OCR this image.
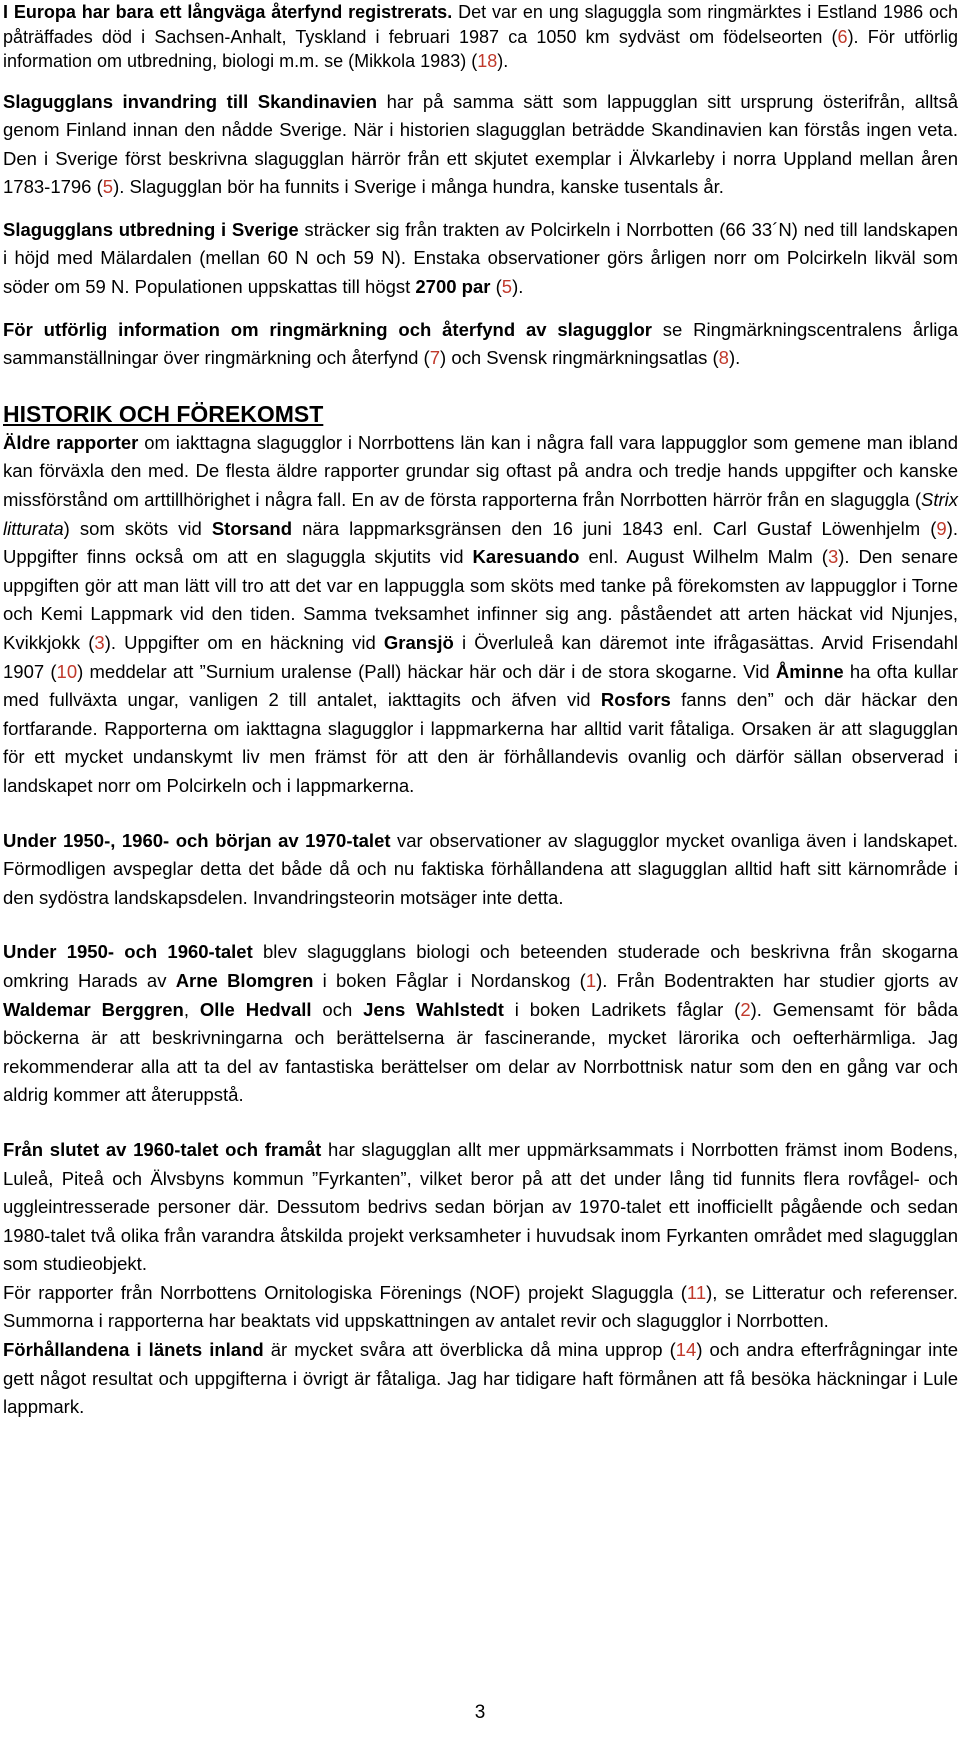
I Europa har bara ett långväga återfynd registrerats. Det var en ung slaguggla som ringmärktes i Estland 1986 och påträffades död i Sachsen-Anhalt, Tyskland i februari 1987 ca 1050 km sydväst om födelseorten (6). För utförlig information om utbredning, biologi m.m. se (Mikkola 1983) (18).

Slagugglans invandring till Skandinavien har på samma sätt som lappugglan sitt ursprung österifrån, alltså genom Finland innan den nådde Sverige. När i historien slagugglan beträdde Skandinavien kan förstås ingen veta. Den i Sverige först beskrivna slagugglan härrör från ett skjutet exemplar i Älvkarleby i norra Uppland mellan åren 1783-1796 (5). Slagugglan bör ha funnits i Sverige i många hundra, kanske tusentals år.

Slagugglans utbredning i Sverige sträcker sig från trakten av Polcirkeln i Norrbotten (66 33´N) ned till landskapen i höjd med Mälardalen (mellan 60 N och 59 N). Enstaka observationer görs årligen norr om Polcirkeln likväl som söder om 59 N. Populationen uppskattas till högst 2700 par (5).

För utförlig information om ringmärkning och återfynd av slagugglor se Ringmärkningscentralens årliga sammanställningar över ringmärkning och återfynd (7) och Svensk ringmärkningsatlas (8).

HISTORIK OCH FÖREKOMST

Äldre rapporter om iakttagna slagugglor i Norrbottens län kan i några fall vara lappugglor som gemene man ibland kan förväxla den med. De flesta äldre rapporter grundar sig oftast på andra och tredje hands uppgifter och kanske missförstånd om arttillhörighet i några fall. En av de första rapporterna från Norrbotten härrör från en slaguggla (Strix litturata) som sköts vid Storsand nära lappmarksgränsen den 16 juni 1843 enl. Carl Gustaf Löwenhjelm (9). Uppgifter finns också om att en slaguggla skjutits vid Karesuando enl. August Wilhelm Malm (3). Den senare uppgiften gör att man lätt vill tro att det var en lappuggla som sköts med tanke på förekomsten av lappugglor i Torne och Kemi Lappmark vid den tiden. Samma tveksamhet infinner sig ang. påståendet att arten häckat vid Njunjes, Kvikkjokk (3). Uppgifter om en häckning vid Gransjö i Överluleå kan däremot inte ifrågasättas. Arvid Frisendahl 1907 (10) meddelar att ”Surnium uralense (Pall) häckar här och där i de stora skogarne. Vid Åminne ha ofta kullar med fullväxta ungar, vanligen 2 till antalet, iakttagits och äfven vid Rosfors fanns den” och där häckar den fortfarande. Rapporterna om iakttagna slagugglor i lappmarkerna har alltid varit fåtaliga. Orsaken är att slagugglan för ett mycket undanskymt liv men främst för att den är förhållandevis ovanlig och därför sällan observerad i landskapet norr om Polcirkeln och i lappmarkerna.

Under 1950-, 1960- och början av 1970-talet var observationer av slagugglor mycket ovanliga även i landskapet. Förmodligen avspeglar detta det både då och nu faktiska förhållandena att slagugglan alltid haft sitt kärnområde i den sydöstra landskapsdelen. Invandringsteorin motsäger inte detta.

Under 1950- och 1960-talet blev slagugglans biologi och beteenden studerade och beskrivna från skogarna omkring Harads av Arne Blomgren i boken Fåglar i Nordanskog (1). Från Bodentrakten har studier gjorts av Waldemar Berggren, Olle Hedvall och Jens Wahlstedt i boken Ladrikets fåglar (2). Gemensamt för båda böckerna är att beskrivningarna och berättelserna är fascinerande, mycket lärorika och oefterhärmliga. Jag rekommenderar alla att ta del av fantastiska berättelser om delar av Norrbottnisk natur som den en gång var och aldrig kommer att återuppstå.

Från slutet av 1960-talet och framåt har slagugglan allt mer uppmärksammats i Norrbotten främst inom Bodens, Luleå, Piteå och Älvsbyns kommun ”Fyrkanten”, vilket beror på att det under lång tid funnits flera rovfågel- och uggleintresserade personer där. Dessutom bedrivs sedan början av 1970-talet ett inofficiellt pågående och sedan 1980-talet två olika från varandra åtskilda projekt verksamheter i huvudsak inom Fyrkanten området med slagugglan som studieobjekt.

För rapporter från Norrbottens Ornitologiska Förenings (NOF) projekt Slaguggla (11), se Litteratur och referenser. Summorna i rapporterna har beaktats vid uppskattningen av antalet revir och slagugglor i Norrbotten.

Förhållandena i länets inland är mycket svåra att överblicka då mina upprop (14) och andra efterfrågningar inte gett något resultat och uppgifterna i övrigt är fåtaliga. Jag har tidigare haft förmånen att få besöka häckningar i Lule lappmark.

3
